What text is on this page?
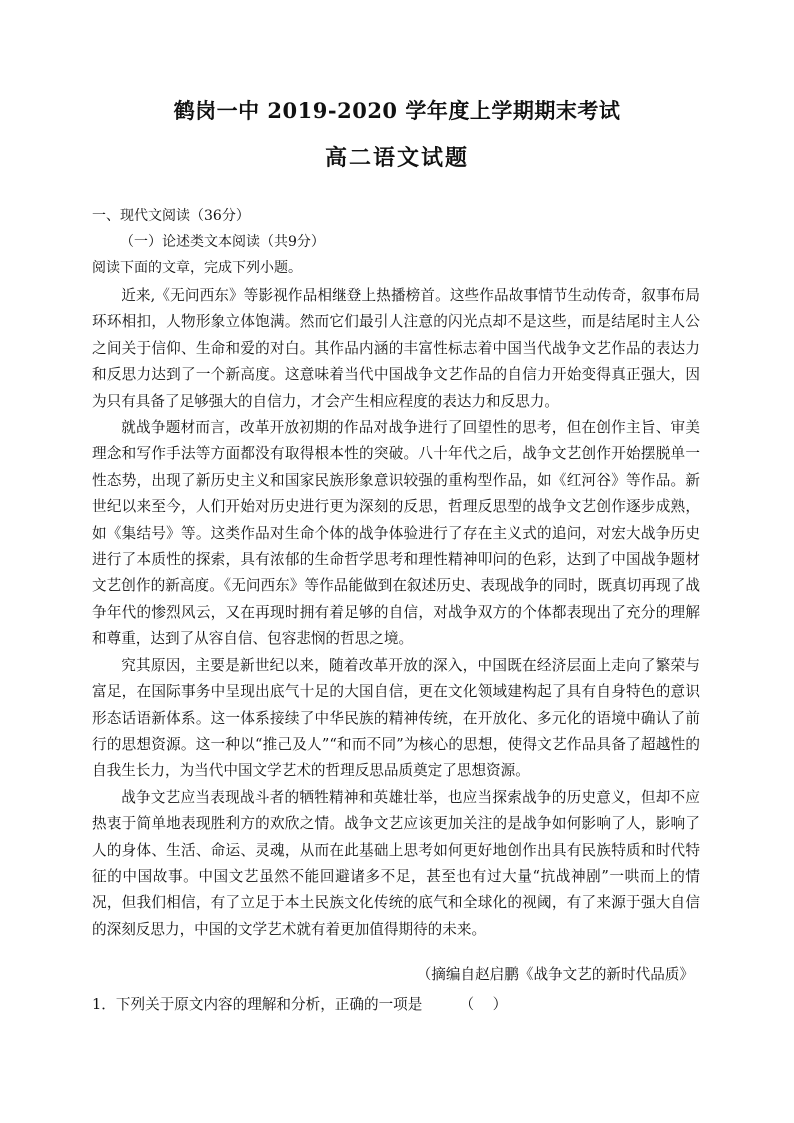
鹤岗一中 2019-2020 学年度上学期期末考试
高二语文试题
一、现代文阅读（36分）
（一）论述类文本阅读（共9分）
阅读下面的文章，完成下列小题。

近来,《无问西东》等影视作品相继登上热播榜首。这些作品故事情节生动传奇，叙事布局环环相扣，人物形象立体饱满。然而它们最引人注意的闪光点却不是这些，而是结尾时主人公之间关于信仰、生命和爱的对白。其作品内涵的丰富性标志着中国当代战争文艺作品的表达力和反思力达到了一个新高度。这意味着当代中国战争文艺作品的自信力开始变得真正强大，因为只有具备了足够强大的自信力，才会产生相应程度的表达力和反思力。

就战争题材而言，改革开放初期的作品对战争进行了回望性的思考，但在创作主旨、审美理念和写作手法等方面都没有取得根本性的突破。八十年代之后，战争文艺创作开始摆脱单一性态势，出现了新历史主义和国家民族形象意识较强的重构型作品，如《红河谷》等作品。新世纪以来至今，人们开始对历史进行更为深刻的反思，哲理反思型的战争文艺创作逐步成熟，如《集结号》等。这类作品对生命个体的战争体验进行了存在主义式的追问，对宏大战争历史进行了本质性的探索，具有浓郁的生命哲学思考和理性精神叩问的色彩，达到了中国战争题材文艺创作的新高度。《无问西东》等作品能做到在叙述历史、表现战争的同时，既真切再现了战争年代的惨烈风云，又在再现时拥有着足够的自信，对战争双方的个体都表现出了充分的理解和尊重，达到了从容自信、包容悲悯的哲思之境。

究其原因，主要是新世纪以来，随着改革开放的深入，中国既在经济层面上走向了繁荣与富足，在国际事务中呈现出底气十足的大国自信，更在文化领域建构起了具有自身特色的意识形态话语新体系。这一体系接续了中华民族的精神传统，在开放化、多元化的语境中确认了前行的思想资源。这一种以“推己及人”“和而不同”为核心的思想，使得文艺作品具备了超越性的自我生长力，为当代中国文学艺术的哲理反思品质奠定了思想资源。

战争文艺应当表现战斗者的牺牲精神和英雄壮举，也应当探索战争的历史意义，但却不应热衷于简单地表现胜利方的欢欣之情。战争文艺应该更加关注的是战争如何影响了人，影响了人的身体、生活、命运、灵魂，从而在此基础上思考如何更好地创作出具有民族特质和时代特征的中国故事。中国文艺虽然不能回避诸多不足，甚至也有过大量“抗战神剧”一哄而上的情况，但我们相信，有了立足于本土民族文化传统的底气和全球化的视阈，有了来源于强大自信的深刻反思力，中国的文学艺术就有着更加值得期待的未来。

（摘编自赵启鹏《战争文艺的新时代品质》
1．下列关于原文内容的理解和分析，正确的一项是        （    ）
